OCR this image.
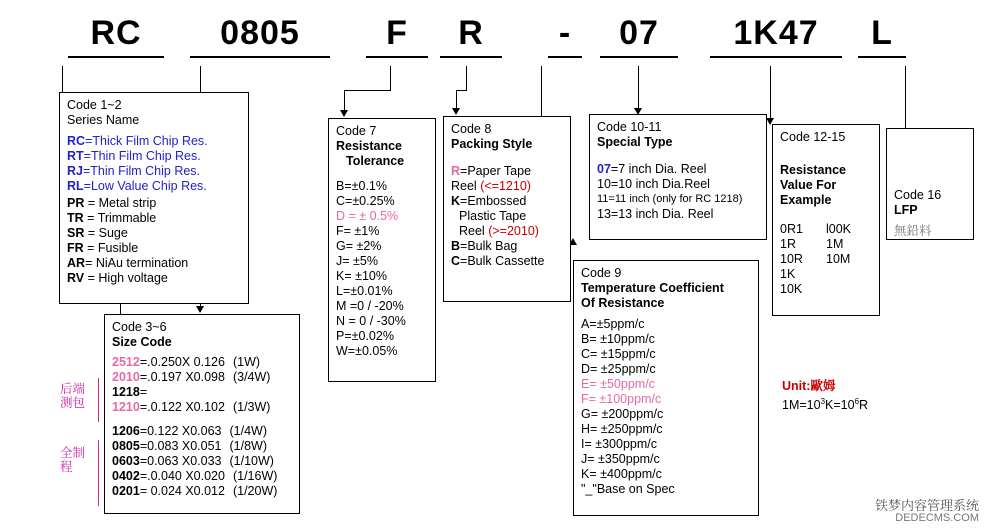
RC	0805	F	R	-	07	1K47	L
Code 1~2
Series Name
RC=Thick Film Chip Res.
RT=Thin Film Chip Res.
RJ=Thin Film Chip Res.
RL=Low Value Chip Res.
PR = Metal strip
TR = Trimmable
SR = Suge
FR = Fusible
AR= NiAu termination
RV = High voltage
Code 3~6
Size Code
2512=.0.250X 0.126 (1W)
2010=.0.197 X0.098 (3/4W)
1218=
1210=.0.122 X0.102 (1/3W)
1206=0.122 X0.063 (1/4W)
0805=0.083 X0.051 (1/8W)
0603=0.063 X0.033 (1/10W)
0402=.0.040 X0.020 (1/16W)
0201= 0.024 X0.012 (1/20W)
后端
测包
全制
程
Code 7
Resistance
Tolerance
B=±0.1%
C=±0.25%
D = ± 0.5%
F= ±1%
G= ±2%
J= ±5%
K= ±10%
L=±0.01%
M =0 / -20%
N = 0 / -30%
P=±0.02%
W=±0.05%
Code 8
Packing Style
R=Paper Tape
Reel (<=1210)
K=Embossed
Plastic Tape
Reel (>=2010)
B=Bulk Bag
C=Bulk Cassette
Code 10-11
Special Type
07=7 inch Dia. Reel
10=10 inch Dia.Reel
11=11 inch (only for RC 1218)
13=13 inch Dia. Reel
Code 9
Temperature Coefficient
Of Resistance
A=±5ppm/c
B= ±10ppm/c
C= ±15ppm/c
D= ±25ppm/c
E= ±50ppm/c
F= ±100ppm/c
G= ±200ppm/c
H= ±250ppm/c
I= ±300ppm/c
J= ±350ppm/c
K= ±400ppm/c
"_"Base on Spec
Code 12-15
Resistance
Value For
Example
0R1 l00K
1R 1M
10R 10M
1K
10K
Code 16
LFP
無鉛料
Unit:歐姆
$1M=10^3K=10^6R$
铁梦内容管理系统
DEDECMS.COM
